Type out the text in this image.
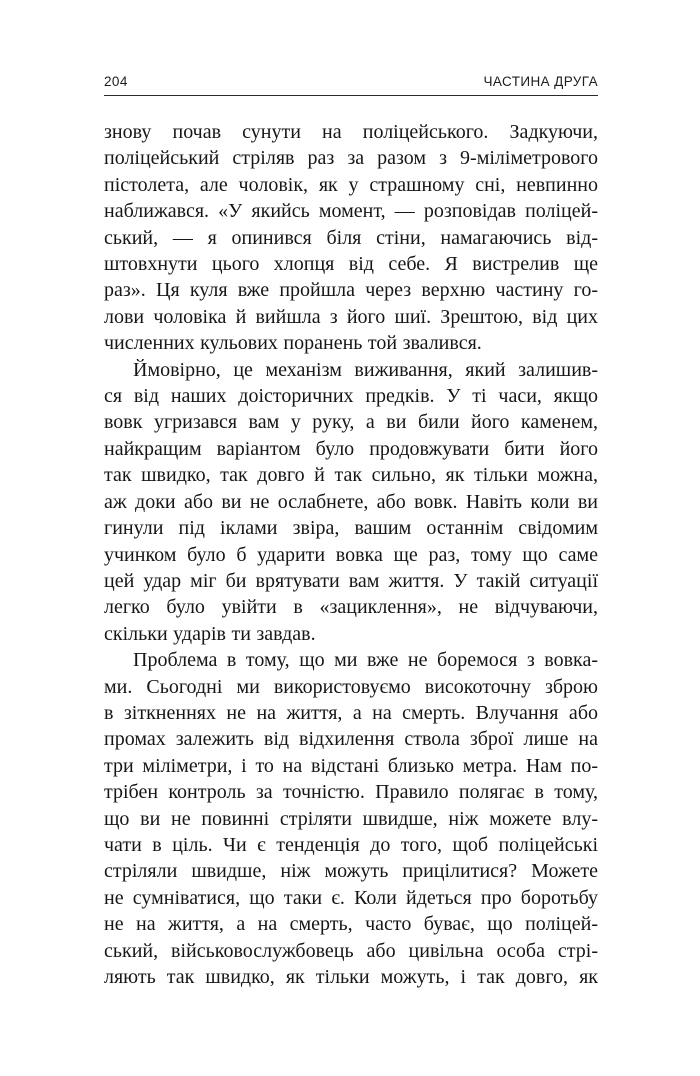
204	ЧАСТИНА ДРУГА
знову почав сунути на поліцейського. Задкуючи,
поліцейський стріляв раз за разом з 9-міліметрового
пістолета, але чоловік, як у страшному сні, невпинно
наближався. «У якийсь момент, — розповідав поліцей-
ський, — я опинився біля стіни, намагаючись від-
штовхнути цього хлопця від себе. Я вистрелив ще
раз». Ця куля вже пройшла через верхню частину го-
лови чоловіка й вийшла з його шиї. Зрештою, від цих
численних кульових поранень той звалився.
Ймовірно, це механізм виживання, який залишив-
ся від наших доісторичних предків. У ті часи, якщо
вовк угризався вам у руку, а ви били його каменем,
найкращим варіантом було продовжувати бити його
так швидко, так довго й так сильно, як тільки можна,
аж доки або ви не ослабнете, або вовк. Навіть коли ви
гинули під іклами звіра, вашим останнім свідомим
учинком було б ударити вовка ще раз, тому що саме
цей удар міг би врятувати вам життя. У такій ситуації
легко було увійти в «зациклення», не відчуваючи,
скільки ударів ти завдав.
Проблема в тому, що ми вже не боремося з вовка-
ми. Сьогодні ми використовуємо високоточну зброю
в зіткненнях не на життя, а на смерть. Влучання або
промах залежить від відхилення ствола зброї лише на
три міліметри, і то на відстані близько метра. Нам по-
трібен контроль за точністю. Правило полягає в тому,
що ви не повинні стріляти швидше, ніж можете влу-
чати в ціль. Чи є тенденція до того, щоб поліцейські
стріляли швидше, ніж можуть прицілитися? Можете
не сумніватися, що таки є. Коли йдеться про боротьбу
не на життя, а на смерть, часто буває, що поліцей-
ський, військовослужбовець або цивільна особа стрі-
ляють так швидко, як тільки можуть, і так довго, як
